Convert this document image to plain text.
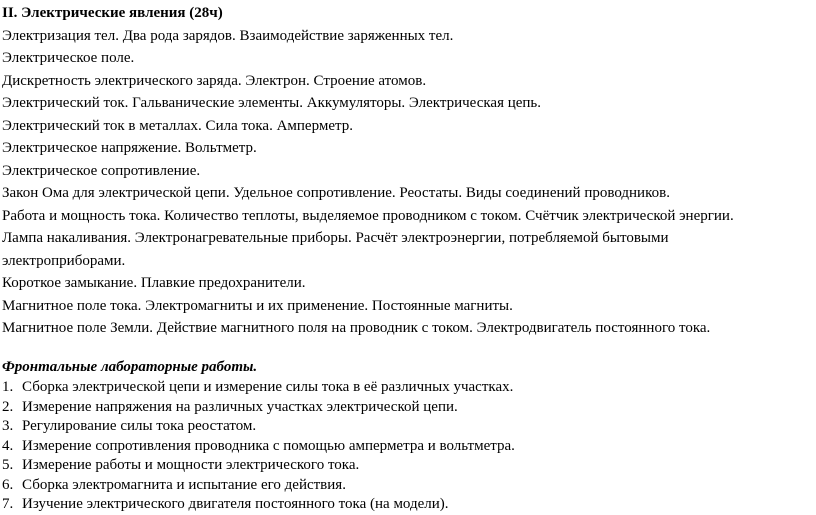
II. Электрические явления (28ч)
Электризация тел. Два рода зарядов. Взаимодействие заряженных тел.
Электрическое поле.
Дискретность электрического заряда. Электрон. Строение атомов.
Электрический ток. Гальванические элементы. Аккумуляторы. Электрическая цепь.
Электрический ток в металлах. Сила тока. Амперметр.
Электрическое напряжение. Вольтметр.
Электрическое сопротивление.
Закон Ома для электрической цепи. Удельное сопротивление. Реостаты. Виды соединений проводников.
Работа и мощность тока. Количество теплоты, выделяемое проводником с током. Счётчик электрической энергии.
Лампа накаливания. Электронагревательные приборы. Расчёт электроэнергии, потребляемой бытовыми
электроприборами.
Короткое замыкание. Плавкие предохранители.
Магнитное поле тока. Электромагниты и их применение. Постоянные магниты.
Магнитное поле Земли. Действие магнитного поля на проводник с током. Электродвигатель постоянного тока.
Фронтальные лабораторные работы.
1. Сборка электрической цепи и измерение силы тока в её различных участках.
2. Измерение напряжения на различных участках электрической цепи.
3. Регулирование силы тока реостатом.
4. Измерение сопротивления проводника с помощью амперметра и вольтметра.
5. Измерение работы и мощности электрического тока.
6. Сборка электромагнита и испытание его действия.
7. Изучение электрического двигателя постоянного тока (на модели).
